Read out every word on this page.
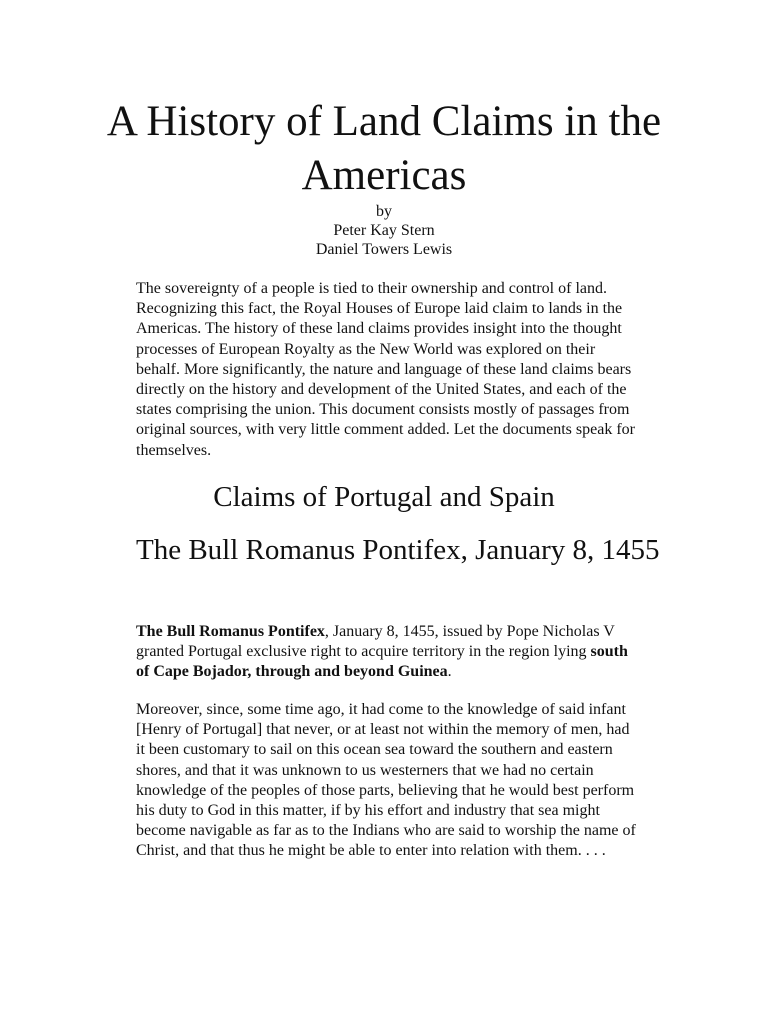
A History of Land Claims in the Americas
by
Peter Kay Stern
Daniel Towers Lewis

The sovereignty of a people is tied to their ownership and control of land. Recognizing this fact, the Royal Houses of Europe laid claim to lands in the Americas. The history of these land claims provides insight into the thought processes of European Royalty as the New World was explored on their behalf. More significantly, the nature and language of these land claims bears directly on the history and development of the United States, and each of the states comprising the union. This document consists mostly of passages from original sources, with very little comment added. Let the documents speak for themselves.

Claims of Portugal and Spain
The Bull Romanus Pontifex, January 8, 1455

The Bull Romanus Pontifex, January 8, 1455, issued by Pope Nicholas V granted Portugal exclusive right to acquire territory in the region lying south of Cape Bojador, through and beyond Guinea.

Moreover, since, some time ago, it had come to the knowledge of said infant [Henry of Portugal] that never, or at least not within the memory of men, had it been customary to sail on this ocean sea toward the southern and eastern shores, and that it was unknown to us westerners that we had no certain knowledge of the peoples of those parts, believing that he would best perform his duty to God in this matter, if by his effort and industry that sea might become navigable as far as to the Indians who are said to worship the name of Christ, and that thus he might be able to enter into relation with them. . . .
